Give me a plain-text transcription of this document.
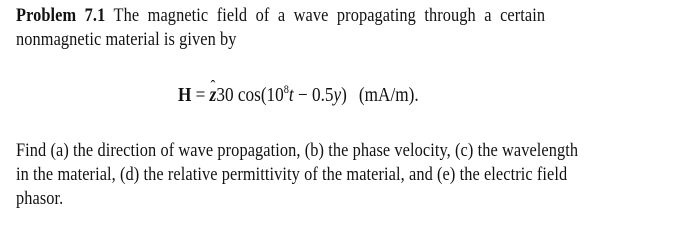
Problem 7.1 The magnetic field of a wave propagating through a certain
nonmagnetic material is given by
H = ˆ z30 $\cos(10^8t - 0.5y)$ (mA/m).
Find (a) the direction of wave propagation, (b) the phase velocity, (c) the wavelength
in the material, (d) the relative permittivity of the material, and (e) the electric field
phasor.
